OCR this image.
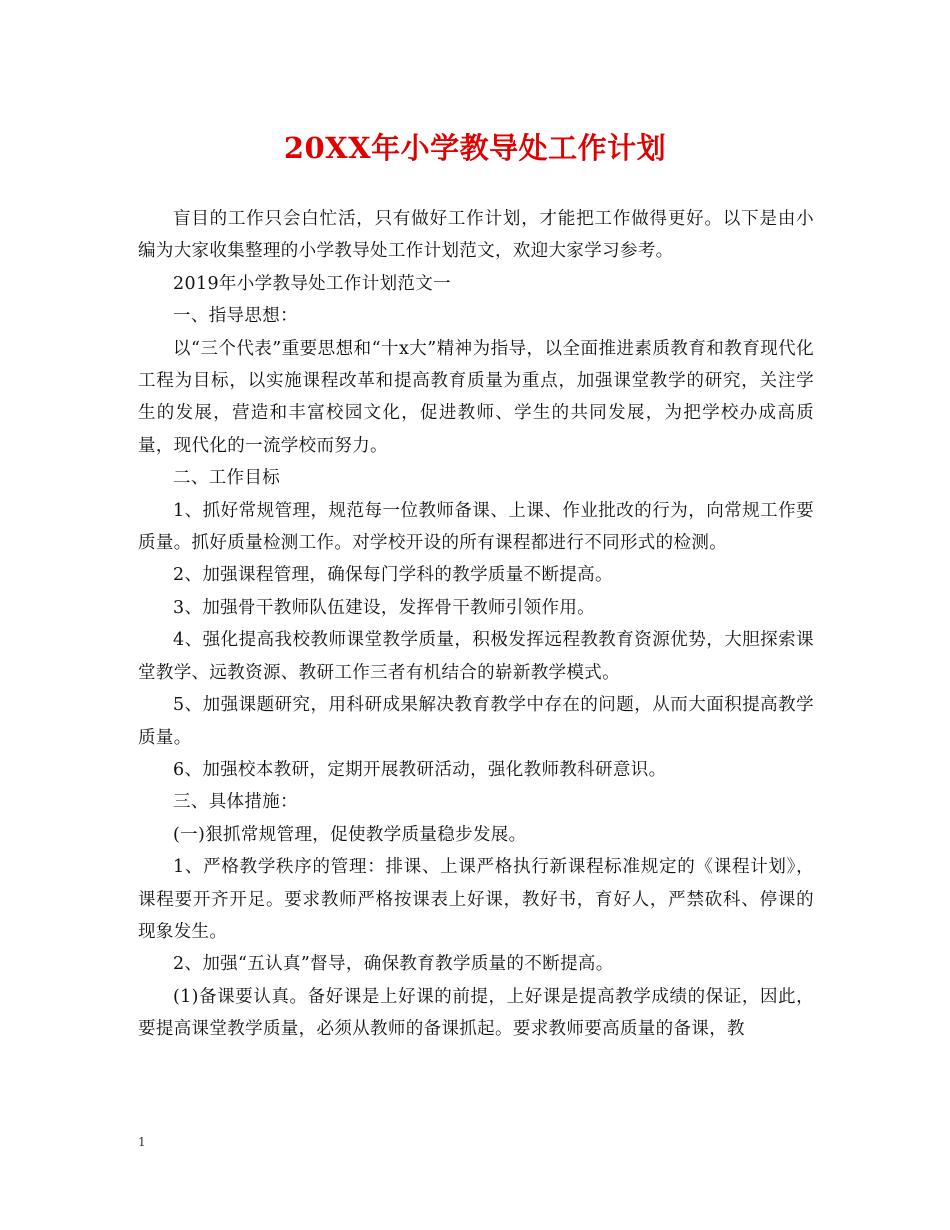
20XX年小学教导处工作计划

盲目的工作只会白忙活，只有做好工作计划，才能把工作做得更好。以下是由小编为大家收集整理的小学教导处工作计划范文，欢迎大家学习参考。

2019年小学教导处工作计划范文一

一、指导思想：

以“三个代表”重要思想和“十x大”精神为指导，以全面推进素质教育和教育现代化工程为目标，以实施课程改革和提高教育质量为重点，加强课堂教学的研究，关注学生的发展，营造和丰富校园文化，促进教师、学生的共同发展，为把学校办成高质量，现代化的一流学校而努力。

二、工作目标

1、抓好常规管理，规范每一位教师备课、上课、作业批改的行为，向常规工作要质量。抓好质量检测工作。对学校开设的所有课程都进行不同形式的检测。

2、加强课程管理，确保每门学科的教学质量不断提高。

3、加强骨干教师队伍建设，发挥骨干教师引领作用。

4、强化提高我校教师课堂教学质量，积极发挥远程教教育资源优势，大胆探索课堂教学、远教资源、教研工作三者有机结合的崭新教学模式。

5、加强课题研究，用科研成果解决教育教学中存在的问题，从而大面积提高教学质量。

6、加强校本教研，定期开展教研活动，强化教师教科研意识。

三、具体措施：

(一)狠抓常规管理，促使教学质量稳步发展。

1、严格教学秩序的管理：排课、上课严格执行新课程标准规定的《课程计划》，课程要开齐开足。要求教师严格按课表上好课，教好书，育好人，严禁砍科、停课的现象发生。

2、加强“五认真”督导，确保教育教学质量的不断提高。

(1)备课要认真。备好课是上好课的前提，上好课是提高教学成绩的保证，因此，要提高课堂教学质量，必须从教师的备课抓起。要求教师要高质量的备课，教

1
